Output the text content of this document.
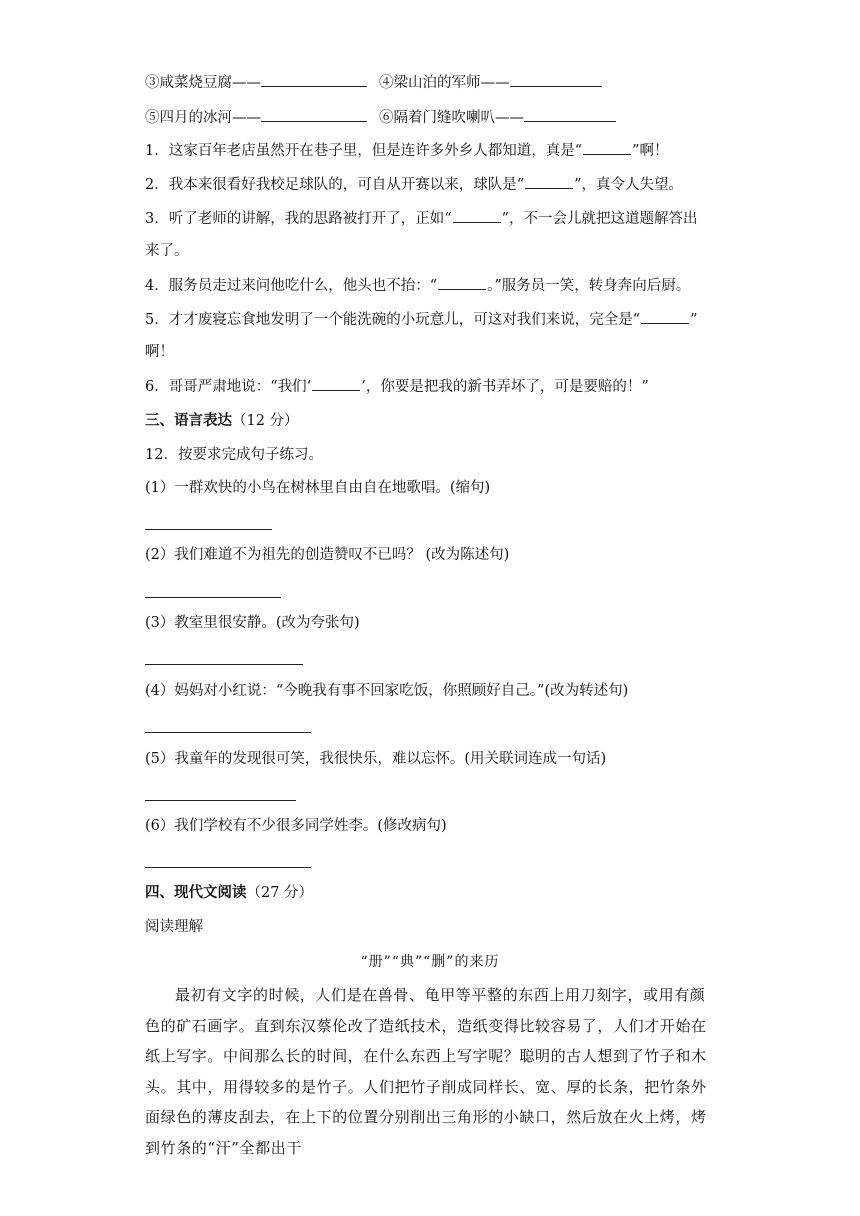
③咸菜烧豆腐——	④梁山泊的军师——
⑤四月的冰河——	⑥隔着门缝吹喇叭——
1．这家百年老店虽然开在巷子里，但是连许多外乡人都知道，真是“	”啊！
2．我本来很看好我校足球队的，可自从开赛以来，球队是“	”，真令人失望。
3．听了老师的讲解，我的思路被打开了，正如“	”，不一会儿就把这道题解答出
来了。
4．服务员走过来问他吃什么，他头也不抬：“	。”服务员一笑，转身奔向后厨。
5．才才废寝忘食地发明了一个能洗碗的小玩意儿，可这对我们来说，完全是“	”
啊！
6．哥哥严肃地说：“我们‘	’，你要是把我的新书弄坏了，可是要赔的！”
三、语言表达（12 分）
12．按要求完成句子练习。
(1）一群欢快的小鸟在树林里自由自在地歌唱。(缩句)
(2）我们难道不为祖先的创造赞叹不已吗？ (改为陈述句)
(3）教室里很安静。(改为夸张句)
(4）妈妈对小红说：“今晚我有事不回家吃饭，你照顾好自己。”(改为转述句)
(5）我童年的发现很可笑，我很快乐，难以忘怀。(用关联词连成一句话)
(6）我们学校有不少很多同学姓李。(修改病句)
四、现代文阅读（27 分）
阅读理解
“册”“典”“删”的来历

最初有文字的时候，人们是在兽骨、龟甲等平整的东西上用刀刻字，或用有颜色的矿石画字。直到东汉蔡伦改了造纸技术，造纸变得比较容易了，人们才开始在纸上写字。中间那么长的时间，在什么东西上写字呢？聪明的古人想到了竹子和木头。其中，用得较多的是竹子。人们把竹子削成同样长、宽、厚的长条，把竹条外面绿色的薄皮刮去，在上下的位置分别削出三角形的小缺口，然后放在火上烤，烤到竹条的“汗”全都出干
